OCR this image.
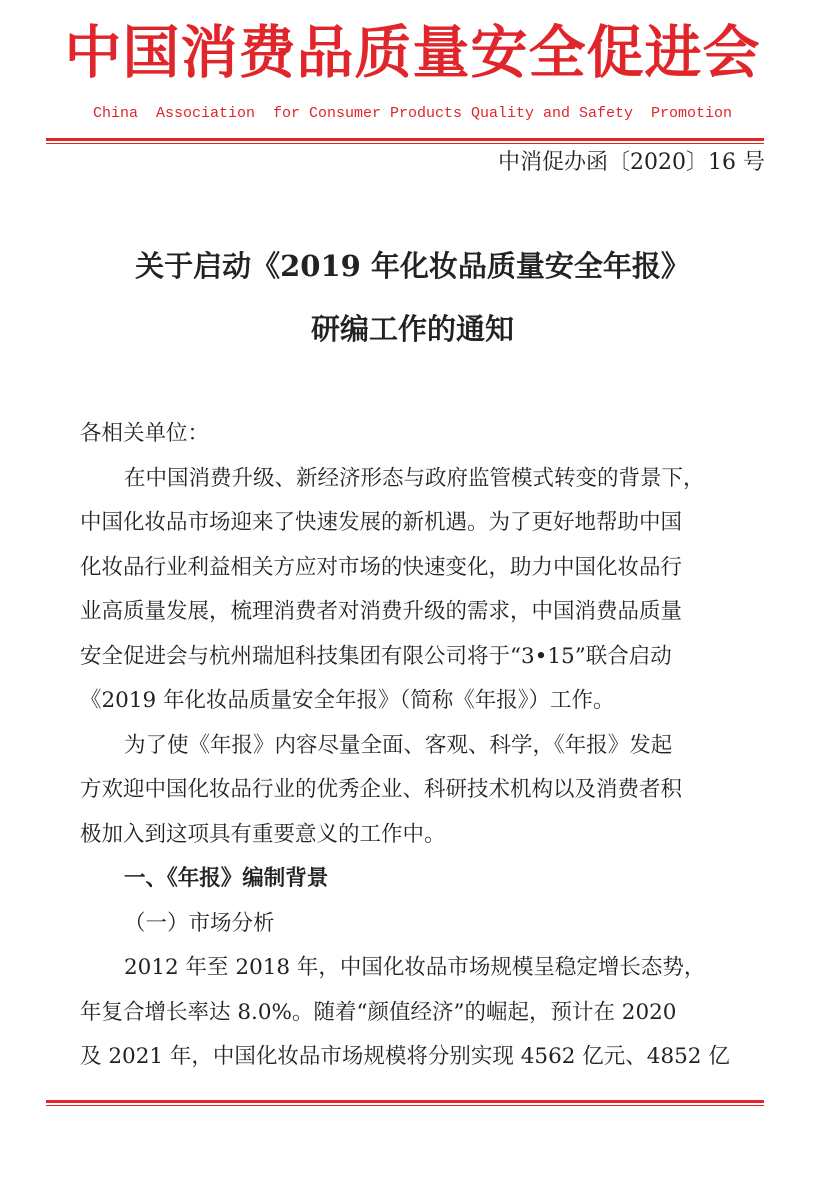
中国消费品质量安全促进会
China  Association  for Consumer Products Quality and Safety  Promotion
中消促办函〔2020〕16 号
关于启动《2019 年化妆品质量安全年报》
研编工作的通知
各相关单位：
在中国消费升级、新经济形态与政府监管模式转变的背景下，
中国化妆品市场迎来了快速发展的新机遇。为了更好地帮助中国
化妆品行业利益相关方应对市场的快速变化，助力中国化妆品行
业高质量发展，梳理消费者对消费升级的需求，中国消费品质量
安全促进会与杭州瑞旭科技集团有限公司将于“3•15”联合启动
《2019 年化妆品质量安全年报》（简称《年报》）工作。
为了使《年报》内容尽量全面、客观、科学，《年报》发起
方欢迎中国化妆品行业的优秀企业、科研技术机构以及消费者积
极加入到这项具有重要意义的工作中。
一、《年报》编制背景
（一）市场分析
2012 年至 2018 年，中国化妆品市场规模呈稳定增长态势，
年复合增长率达 8.0%。随着“颜值经济”的崛起，预计在 2020
及 2021 年，中国化妆品市场规模将分别实现 4562 亿元、4852 亿
